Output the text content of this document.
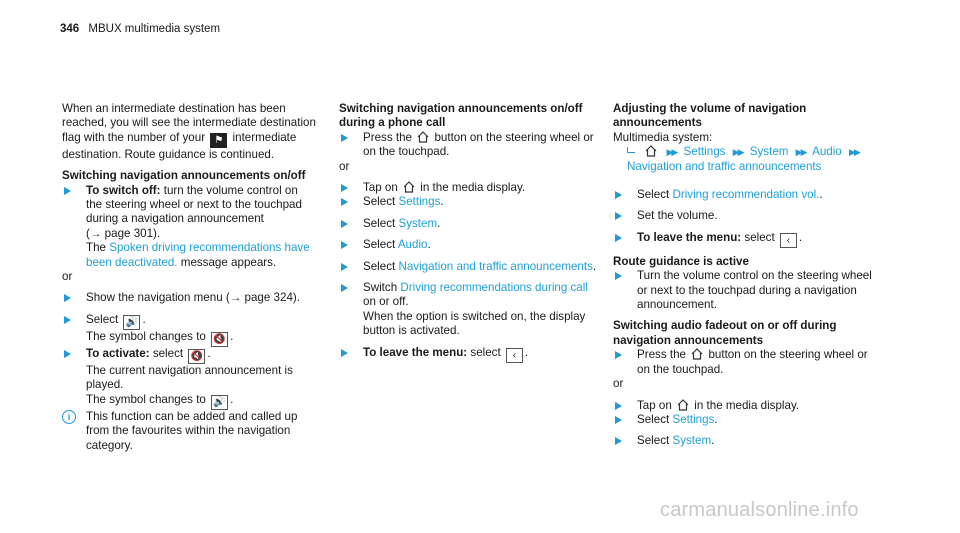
346 MBUX multimedia system

When an intermediate destination has been reached, you will see the intermediate destination flag with the number of your ⚑ intermediate destination. Route guidance is continued.

Switching navigation announcements on/off

To switch off: turn the volume control on the steering wheel or next to the touchpad during a navigation announcement
(→ page 301).
The Spoken driving recommendations have been deactivated. message appears.

or

Show the navigation menu (→ page 324).
Select 🔊 .
The symbol changes to 🔇 .
To activate: select 🔇 .
The current navigation announcement is played.
The symbol changes to 🔊 .
i	This function can be added and called up from the favourites within the navigation category.

Switching navigation announcements on/off during a phone call

Press the button on the steering wheel or on the touchpad.

or

Tap on in the media display.
Select Settings.
Select System.
Select Audio.
Select Navigation and traffic announcements.
Switch Driving recommendations during call on or off.
When the option is switched on, the display button is activated.
To leave the menu: select ‹ .

Adjusting the volume of navigation announcements

Multimedia system:

▶▶ Settings ▶▶ System ▶▶ Audio ▶▶ Navigation and traffic announcements
Select Driving recommendation vol..
Set the volume.
To leave the menu: select ‹ .

Route guidance is active

Turn the volume control on the steering wheel or next to the touchpad during a navigation announcement.

Switching audio fadeout on or off during navigation announcements

Press the button on the steering wheel or on the touchpad.

or

Tap on in the media display.
Select Settings.
Select System.
carmanualsonline.info
